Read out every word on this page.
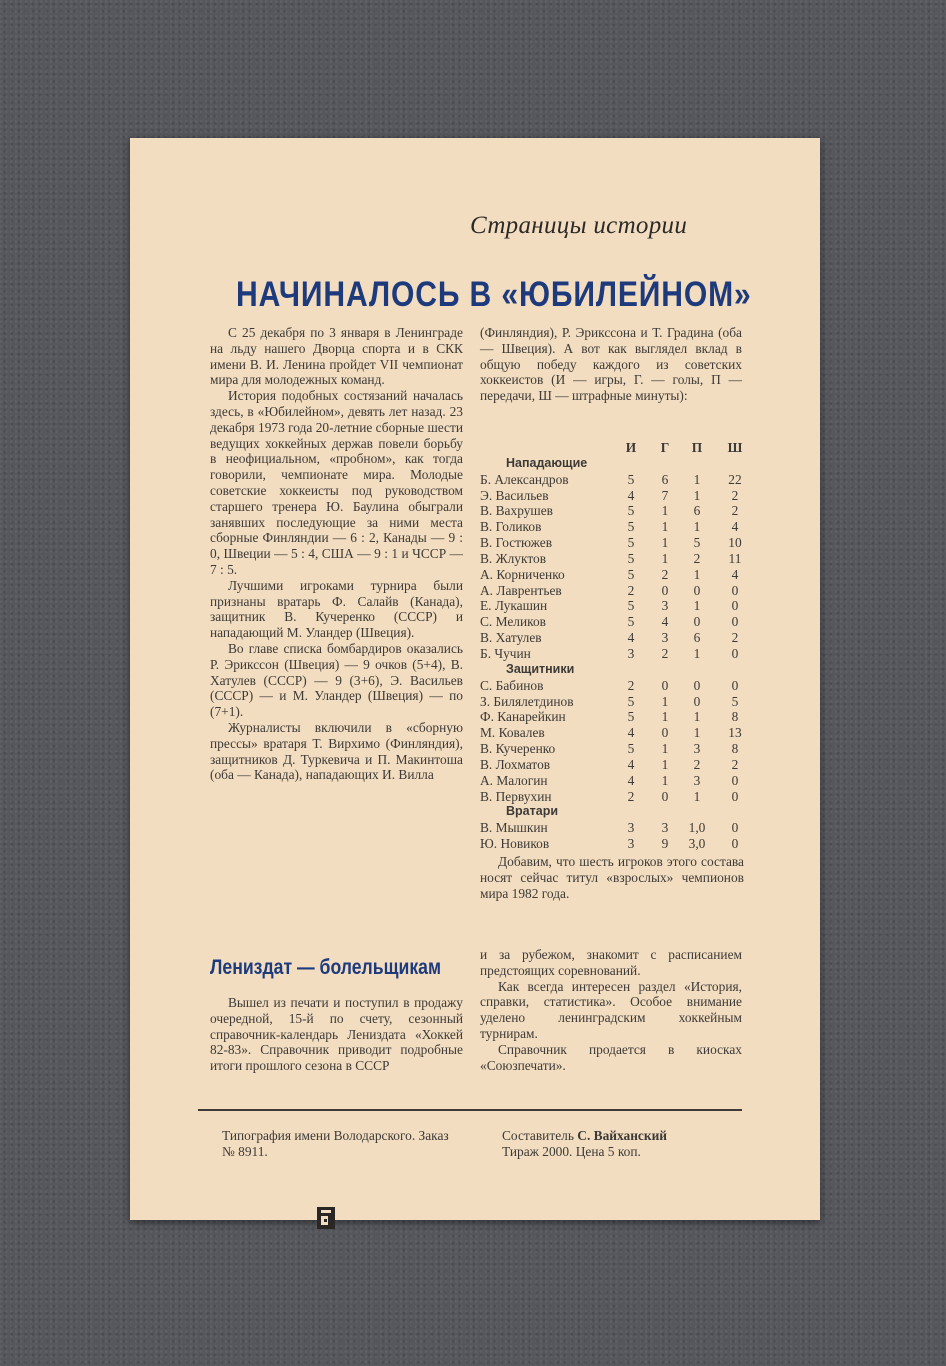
Страницы истории
НАЧИНАЛОСЬ В «ЮБИЛЕЙНОМ»

С 25 декабря по 3 января в Ленинграде на льду нашего Дворца спорта и в СКК имени В. И. Ленина пройдет VII чемпионат мира для молодежных команд.

История подобных состязаний началась здесь, в «Юбилейном», девять лет назад. 23 декабря 1973 года 20-летние сборные шести ведущих хоккейных держав повели борьбу в неофициальном, «пробном», как тогда говорили, чемпионате мира. Молодые советские хоккеисты под руководством старшего тренера Ю. Баулина обыграли занявших последующие за ними места сборные Финляндии — 6 : 2, Канады — 9 : 0, Швеции — 5 : 4, США — 9 : 1 и ЧССР — 7 : 5.

Лучшими игроками турнира были признаны вратарь Ф. Салайв (Канада), защитник В. Кучеренко (СССР) и нападающий М. Уландер (Швеция).

Во главе списка бомбардиров оказались Р. Эриксcон (Швеция) — 9 очков (5+4), В. Хатулев (СССР) — 9 (3+6), Э. Васильев (СССР) — и М. Уландер (Швеция) — по (7+1).

Журналисты включили в «сборную прессы» вратаря Т. Вирхимо (Финляндия), защитников Д. Туркевича и П. Макинтоша (оба — Канада), нападающих И. Вилла

(Финляндия), Р. Эрикссона и Т. Градина (оба — Швеция). А вот как выглядел вклад в общую победу каждого из советских хоккеистов (И — игры, Г. — голы, П — передачи, Ш — штрафные минуты):

И Г	П	Ш
Нападающие
Б. Александров	5 6	1	22
Э. Васильев	4 7	1	2
В. Вахрушев	5 1	6	2
В. Голиков	5 1	1	4
В. Гостюжев	5 1	5	10
В. Жлуктов	5 1	2	11
А. Корниченко	5 2	1	4
А. Лаврентьев	2 0	0	0
Е. Лукашин	5 3	1	0
С. Меликов	5 4	0	0
В. Хатулев	4 3	6	2
Б. Чучин	3 2	1	0
Защитники
С. Бабинов	2 0	0	0
З. Билялетдинов	5 1	0	5
Ф. Канарейкин	5 1	1	8
М. Ковалев	4 0	1	13
В. Кучеренко	5 1	3	8
В. Лохматов	4 1	2	2
А. Малогин	4 1	3	0
В. Первухин	2 0	1	0
Вратари
В. Мышкин	3 3 1,0	0
Ю. Новиков	3 9 3,0	0

Добавим, что шесть игроков этого состава носят сейчас титул «взрослых» чемпионов мира 1982 года.

Лениздат — болельщикам

Вышел из печати и поступил в продажу очередной, 15-й по счету, сезонный справочник-календарь Лениздата «Хоккей 82-83». Справочник приводит подробные итоги прошлого сезона в СССР

и за рубежом, знакомит с расписанием предстоящих соревнований.

Как всегда интересен раздел «История, справки, статистика». Особое внимание уделено ленинградским хоккейным турнирам.

Справочник продается в киосках «Союзпечати».

Типография имени Володарского. Заказ № 8911.
Составитель С. Вайханский
Тираж 2000. Цена 5 коп.
